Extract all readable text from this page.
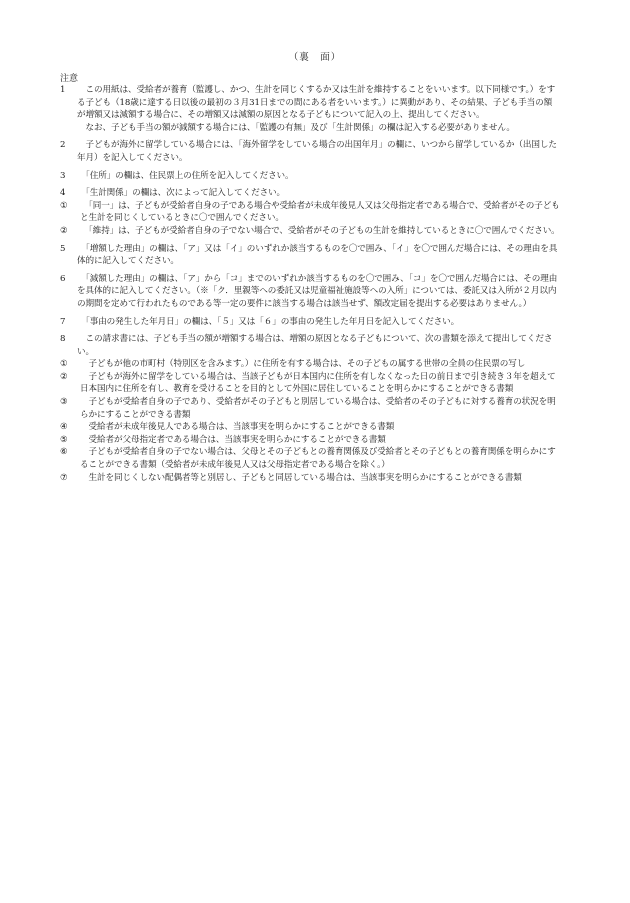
（裏　面）
注意
1
　	この用紙は、受給者が養育（監護し、かつ、生計を同じくするか又は生計を維持することをいいます。以下同様です。）をする子ども（18歳に達する日以後の最初の３月31日までの間にある者をいいます。）に異動があり、その結果、子ども手当の額が増額又は減額する場合に、その増額又は減額の原因となる子どもについて記入の上、提出してください。
　なお、子ども手当の額が減額する場合には、「監護の有無」及び「生計関係」の欄は記入する必要がありません。
2
　	子どもが海外に留学している場合には、「海外留学をしている場合の出国年月」の欄に、いつから留学しているか（出国した年月）を記入してください。
3
　	「住所」の欄は、住民票上の住所を記入してください。
4
　	「生計関係」の欄は、次によって記入してください。
①
　 「同一」は、子どもが受給者自身の子である場合や受給者が未成年後見人又は父母指定者である場合で、受給者がその子どもと生計を同じくしているときに〇で囲んでください。
②
　 「維持」は、子どもが受給者自身の子でない場合で、受給者がその子どもの生計を維持しているときに〇で囲んでください。
5
　	「増額した理由」の欄は、「ア」又は「イ」のいずれか該当するものを〇で囲み、「イ」を〇で囲んだ場合には、その理由を具体的に記入してください。
6
　	「減額した理由」の欄は、「ア」から「コ」までのいずれか該当するものを〇で囲み、「コ」を〇で囲んだ場合には、その理由を具体的に記入してください。（※「ク．里親等への委託又は児童福祉施設等への入所」については、委託又は入所が２月以内の期間を定めて行われたものである等一定の要件に該当する場合は該当せず、額改定届を提出する必要はありません。）
7
　	「事由の発生した年月日」の欄は、「５」又は「６」の事由の発生した年月日を記入してください。
8
　	この請求書には、子ども手当の額が増額する場合は、増額の原因となる子どもについて、次の書類を添えて提出してください。
①
　 子どもが他の市町村（特別区を含みます。）に住所を有する場合は、その子どもの属する世帯の全員の住民票の写し
②
　 子どもが海外に留学をしている場合は、当該子どもが日本国内に住所を有しなくなった日の前日まで引き続き３年を超えて日本国内に住所を有し、教育を受けることを目的として外国に居住していることを明らかにすることができる書類
③
　 子どもが受給者自身の子であり、受給者がその子どもと別居している場合は、受給者のその子どもに対する養育の状況を明らかにすることができる書類
④
　 受給者が未成年後見人である場合は、当該事実を明らかにすることができる書類
⑤
　 受給者が父母指定者である場合は、当該事実を明らかにすることができる書類
⑥
　 子どもが受給者自身の子でない場合は、父母とその子どもとの養育関係及び受給者とその子どもとの養育関係を明らかにすることができる書類（受給者が未成年後見人又は父母指定者である場合を除く。）
⑦
　 生計を同じくしない配偶者等と別居し、子どもと同居している場合は、当該事実を明らかにすることができる書類
